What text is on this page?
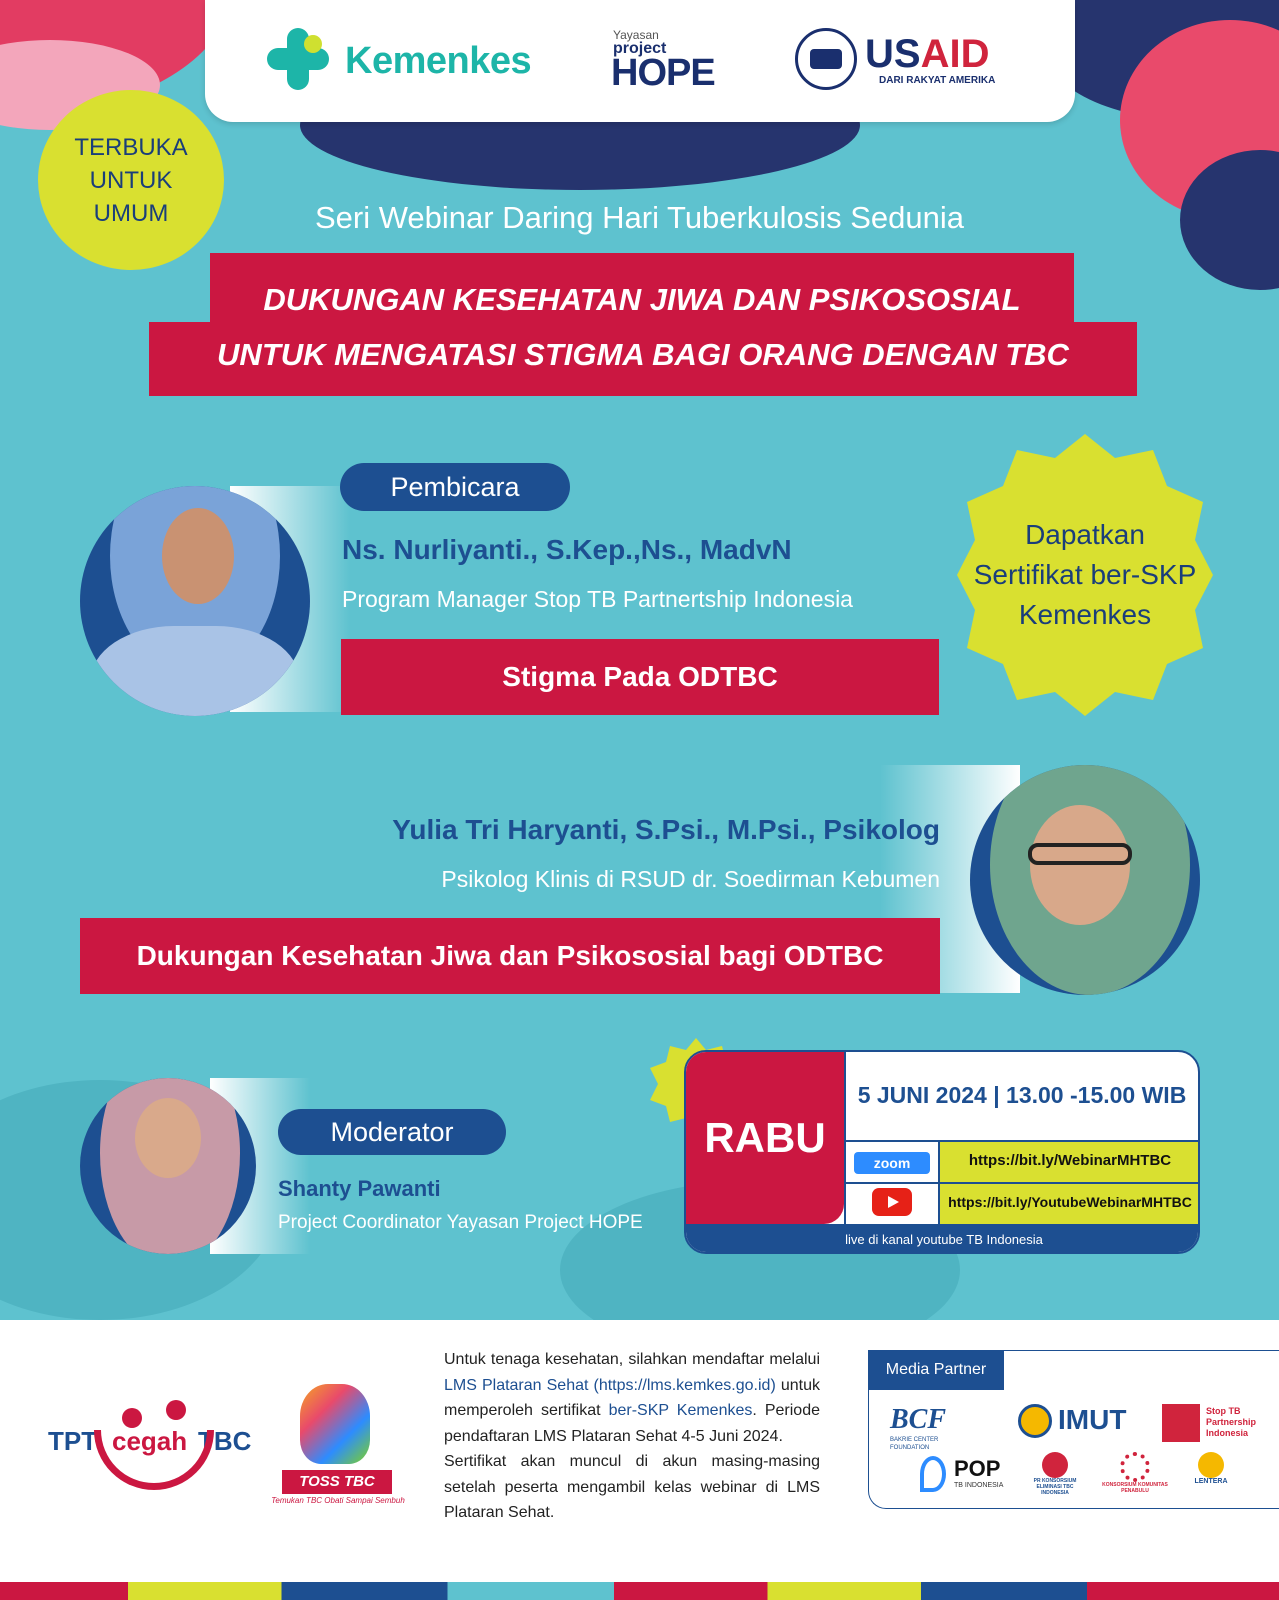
Kemenkes
Yayasan
project
HOPE	USAID
DARI RAKYAT AMERIKA
TERBUKA
UNTUK
UMUM	Seri Webinar Daring Hari Tuberkulosis Sedunia
DUKUNGAN KESEHATAN JIWA DAN PSIKOSOSIAL
UNTUK MENGATASI STIGMA BAGI ORANG DENGAN TBC
Pembicara
Ns. Nurliyanti., S.Kep.,Ns., MadvN
Program Manager Stop TB Partnertship Indonesia
Stigma Pada ODTBC
Dapatkan
Sertifikat ber-SKP
Kemenkes
Yulia Tri Haryanti, S.Psi., M.Psi., Psikolog
Psikolog Klinis di RSUD dr. Soedirman Kebumen
Dukungan Kesehatan Jiwa dan Psikososial bagi ODTBC
Moderator
Shanty Pawanti
Project Coordinator Yayasan Project HOPE
RABU
5 JUNI 2024 | 13.00 -15.00 WIB
zoom	https://bit.ly/WebinarMHTBC
https://bit.ly/YoutubeWebinarMHTBC
live di kanal youtube TB Indonesia
TPT cegah TBC
TOSS TBC
Temukan TBC Obati Sampai Sembuh

Untuk tenaga kesehatan, silahkan mendaftar melalui LMS Plataran Sehat (https://lms.kemkes.go.id) untuk memperoleh sertifikat ber-SKP Kemenkes. Periode pendaftaran LMS Plataran Sehat 4-5 Juni 2024.

Sertifikat akan muncul di akun masing-masing setelah peserta mengambil kelas webinar di LMS Plataran Sehat.

Media Partner
BCF
BAKRIE CENTER FOUNDATION
IMUT	Stop TB Partnership Indonesia
POP
TB INDONESIA
PR KONSORSIUM ELIMINASI TBC INDONESIA
KONSORSIUM KOMUNITAS PENABULU
LENTERA
